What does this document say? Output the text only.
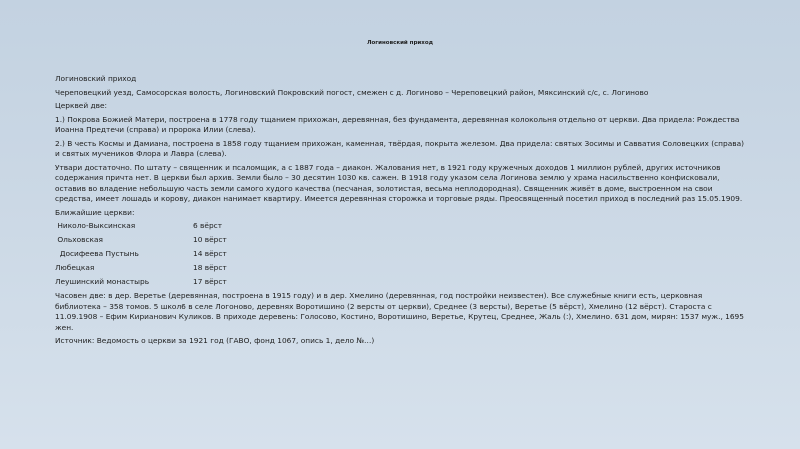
Логиновский приход

Логиновский приход

Череповецкий уезд, Самосорская волость, Логиновский Покровский погост, смежен с д. Логиново – Череповецкий район, Мяксинский с/с, с. Логиново

Церквей две:

1.) Покрова Божией Матери, построена в 1778 году тщанием прихожан, деревянная, без фундамента, деревянная колокольня отдельно от церкви. Два придела: Рождества Иоанна Предтечи (справа) и пророка Илии (слева).

2.) В честь Космы и Дамиана, построена в 1858 году тщанием прихожан, каменная, твёрдая, покрыта железом. Два придела: святых Зосимы и Савватия Соловецких (справа) и святых мучеников Флора и Лавра (слева).

Утвари достаточно. По штату – священник и псаломщик, а с 1887 года – диакон. Жалования нет, в 1921 году кружечных доходов 1 миллион рублей, других источников содержания причта нет. В церкви был архив. Земли было – 30 десятин 1030 кв. сажен. В 1918 году указом села Логинова землю у храма насильственно конфисковали, оставив во владение небольшую часть земли самого худого качества (песчаная, золотистая, весьма неплодородная). Священник живёт в доме, выстроенном на свои средства, имеет лошадь и корову, диакон нанимает квартиру. Имеется деревянная сторожка и торговые ряды. Преосвященный посетил приход в последний раз 15.05.1909.

Ближайшие церкви:

Николо-Выксинская	6 вёрст

Ольховская	10 вёрст

Досифеева Пустынь	14 вёрст

Любецкая	18 вёрст

Леушинский монастырь	17 вёрст

Часовен две: в дер. Веретье (деревянная, построена в 1915 году) и в дер. Хмелино (деревянная, год постройки неизвестен). Все служебные книги есть, церковная библиотека – 358 томов. 5 школ6 в селе Логоново, деревнях Воротишино (2 версты от церкви), Среднее (3 версты), Веретье (5 вёрст), Хмелино (12 вёрст). Староста с 11.09.1908 – Ефим Кирианович Куликов. В приходе деревень: Голосово, Костино, Воротишино, Веретье, Крутец, Среднее, Жаль (:), Хмелино. 631 дом, мирян: 1537 муж., 1695 жен.

Источник: Ведомость о церкви за 1921 год (ГАВО, фонд 1067, опись 1, дело №…)
